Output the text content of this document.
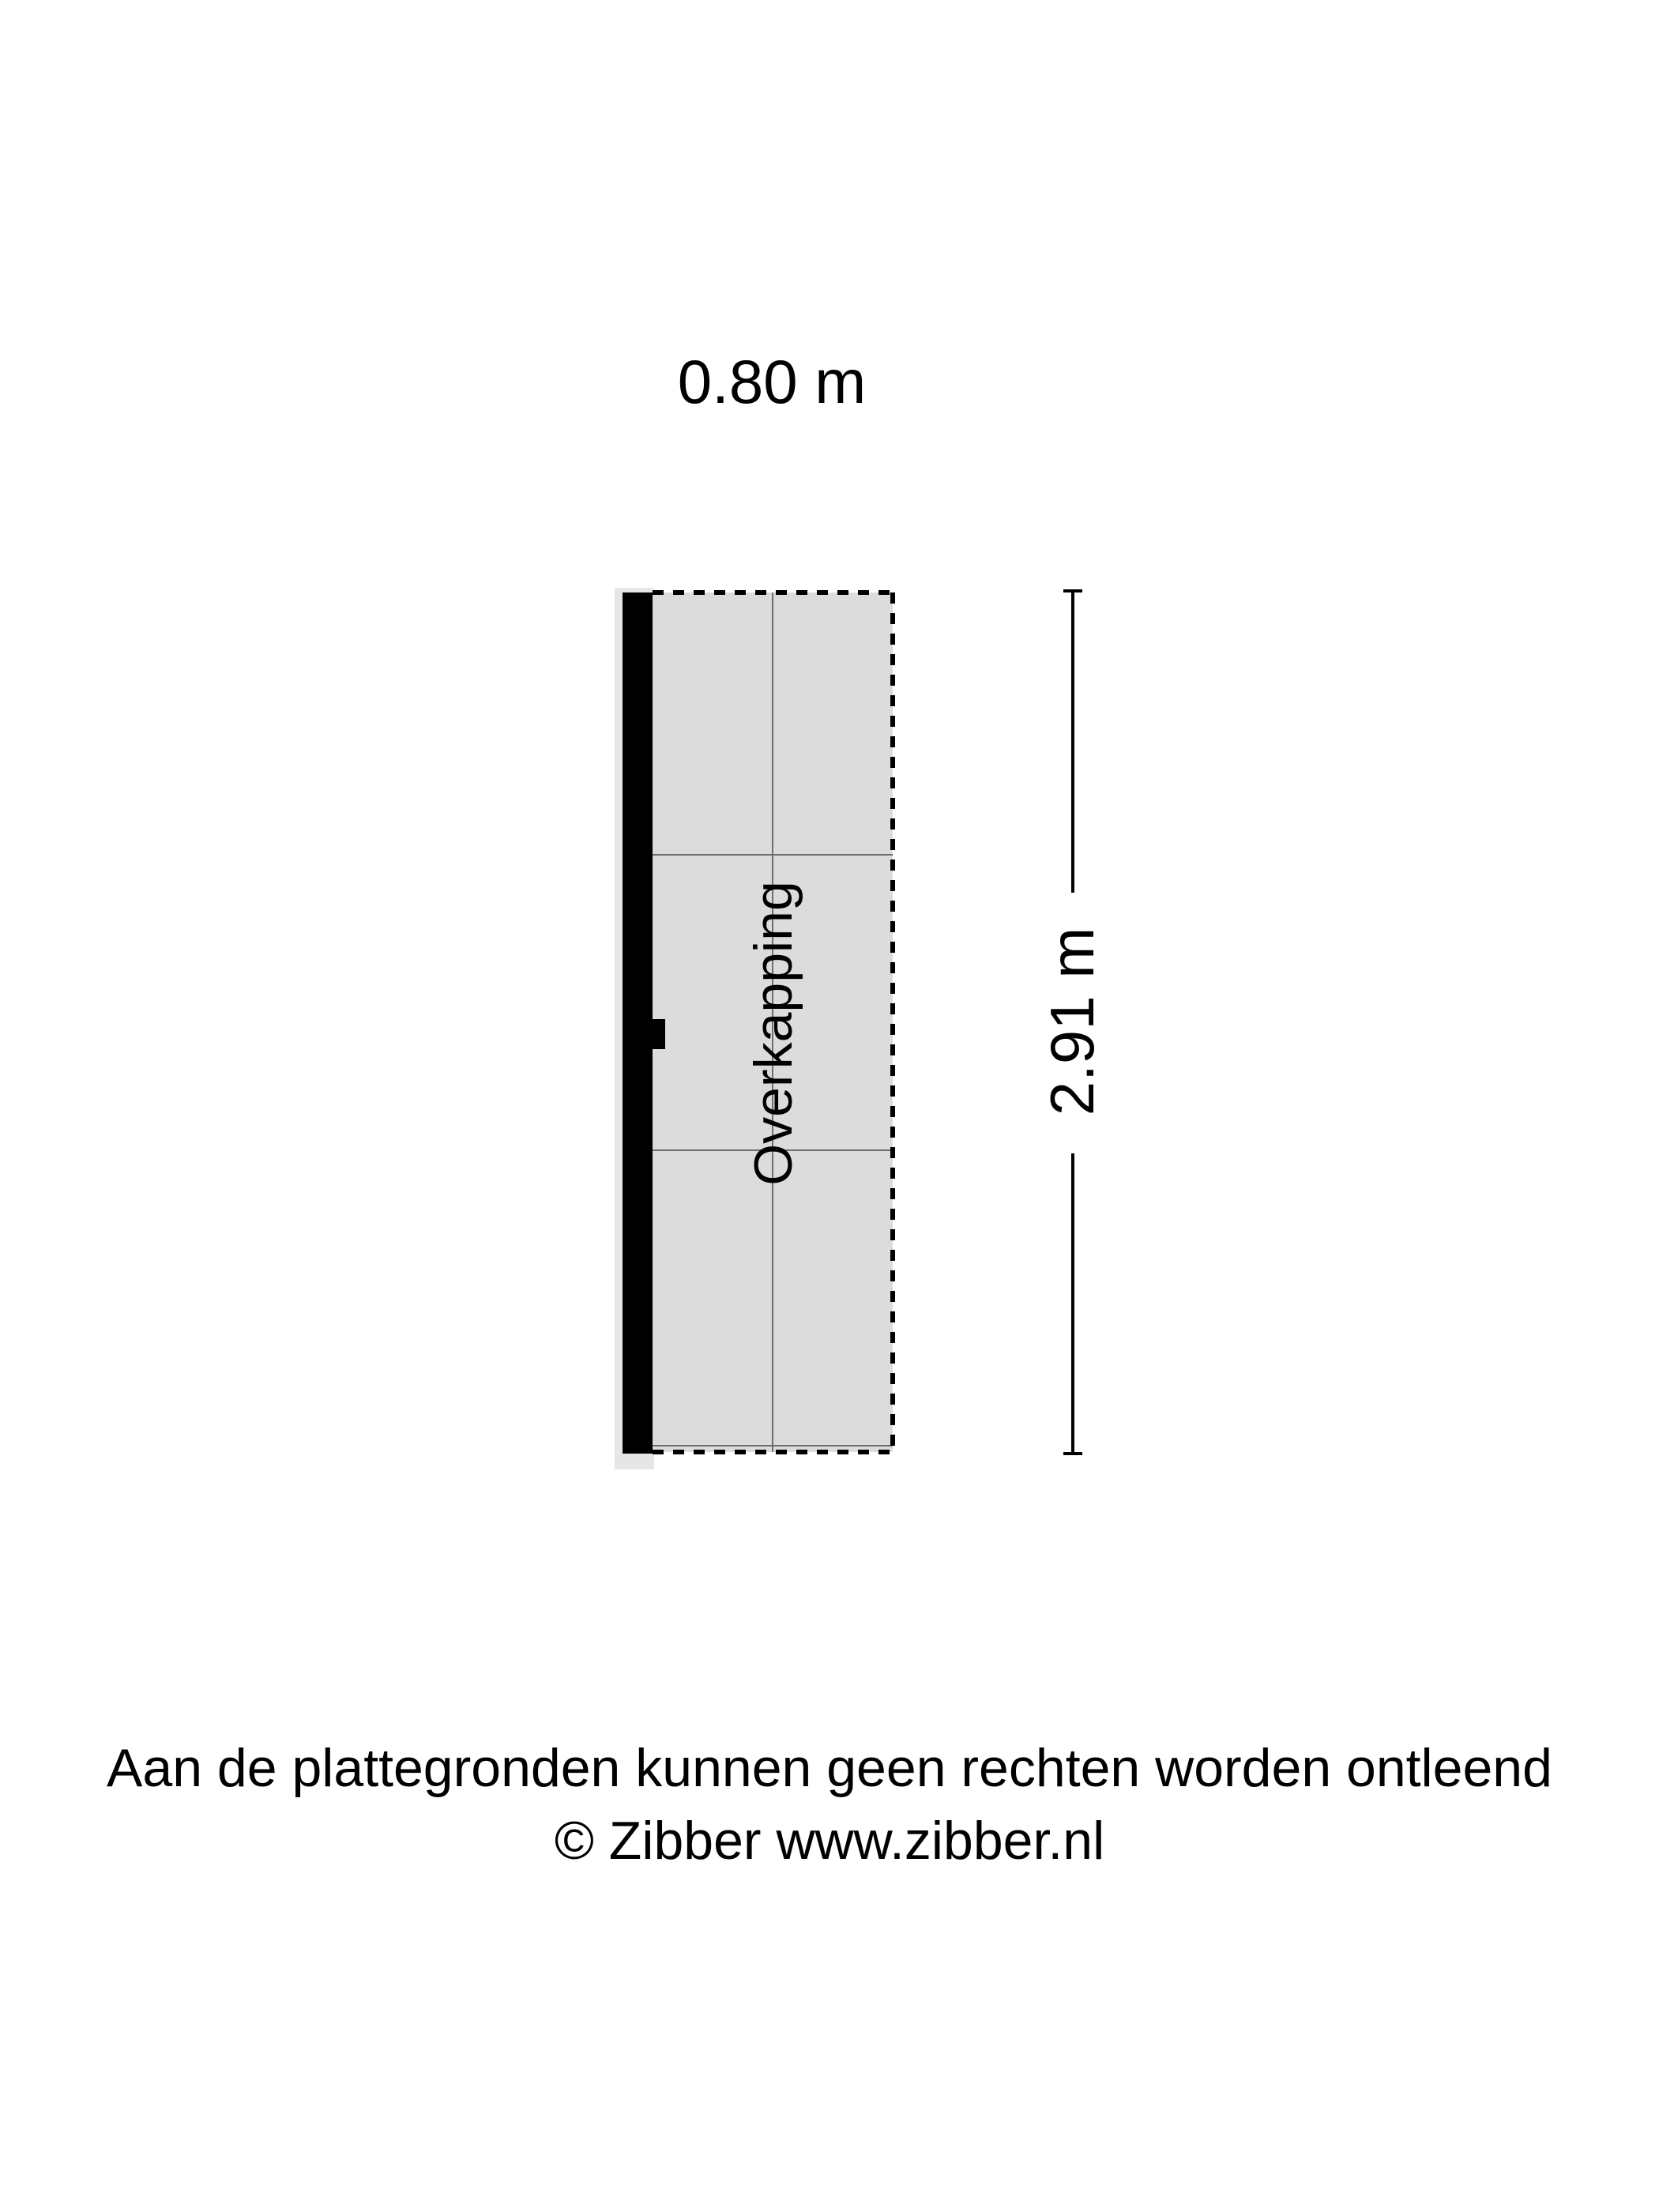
0.80 m
Overkapping	2.91 m
Aan de plattegronden kunnen geen rechten worden ontleend
© Zibber www.zibber.nl
